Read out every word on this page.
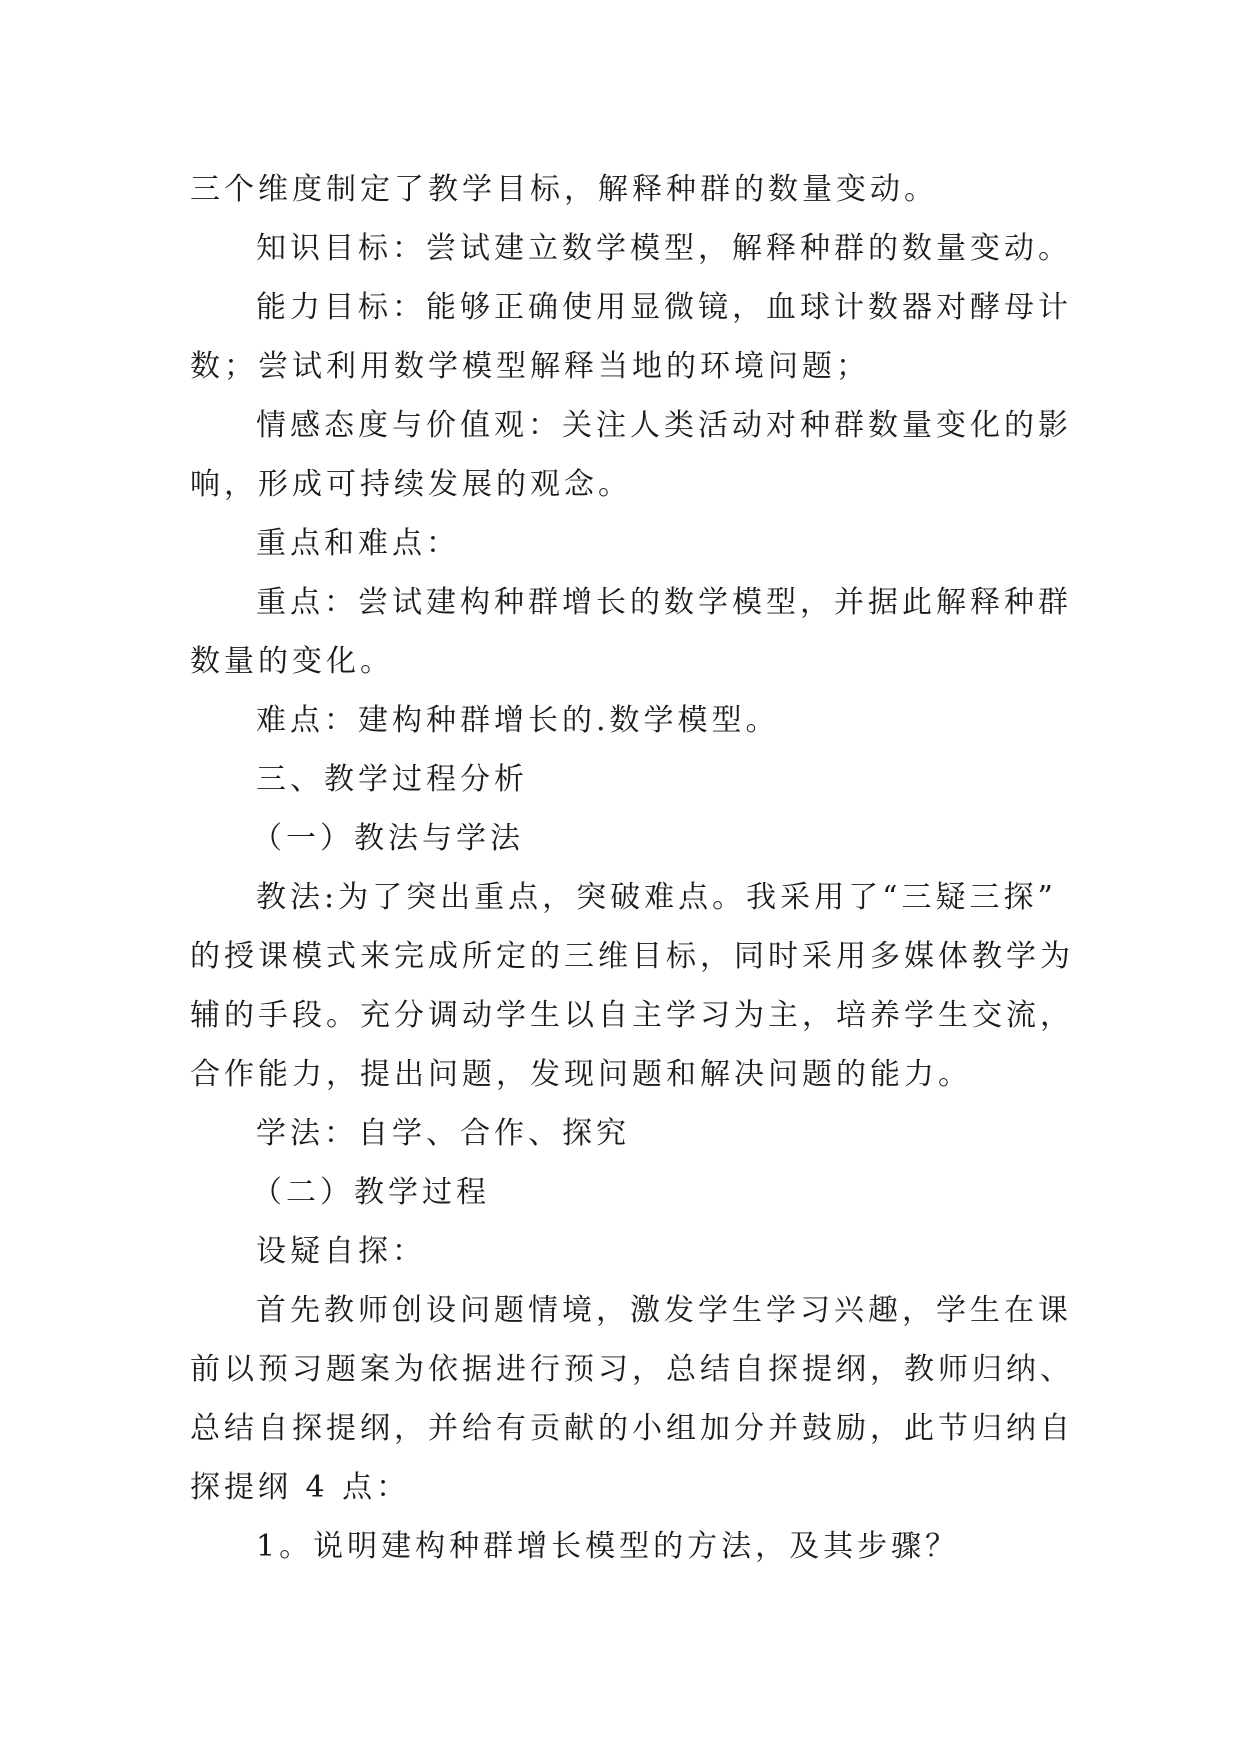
三个维度制定了教学目标，解释种群的数量变动。
知识目标：尝试建立数学模型，解释种群的数量变动。
能力目标：能够正确使用显微镜，血球计数器对酵母计
数；尝试利用数学模型解释当地的环境问题；
情感态度与价值观：关注人类活动对种群数量变化的影
响，形成可持续发展的观念。
重点和难点：
重点：尝试建构种群增长的数学模型，并据此解释种群
数量的变化。
难点：建构种群增长的.数学模型。
三、教学过程分析
（一）教法与学法
教法:为了突出重点，突破难点。我采用了“三疑三探”
的授课模式来完成所定的三维目标，同时采用多媒体教学为
辅的手段。充分调动学生以自主学习为主，培养学生交流，
合作能力，提出问题，发现问题和解决问题的能力。
学法：自学、合作、探究
（二）教学过程
设疑自探：
首先教师创设问题情境，激发学生学习兴趣，学生在课
前以预习题案为依据进行预习，总结自探提纲，教师归纳、
总结自探提纲，并给有贡献的小组加分并鼓励，此节归纳自
探提纲 4 点：
1。说明建构种群增长模型的方法，及其步骤？
